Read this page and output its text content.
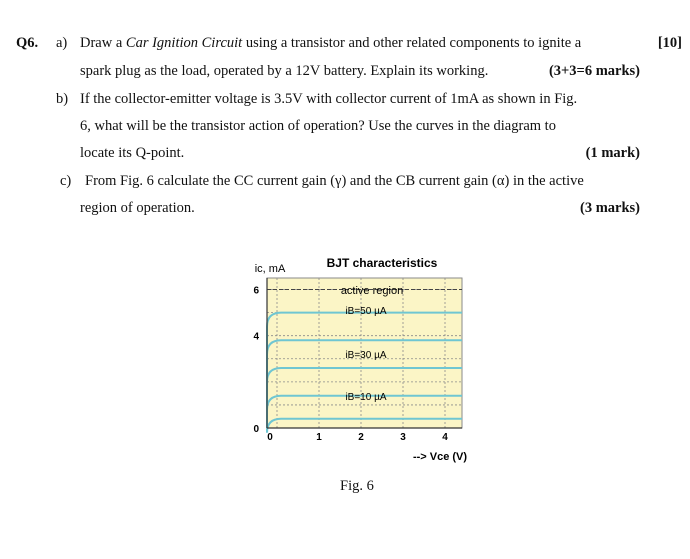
Q6. a) Draw a Car Ignition Circuit using a transistor and other related components to ignite a	[10]
spark plug as the load, operated by a 12V battery. Explain its working.	(3+3=6 marks)
b) If the collector-emitter voltage is 3.5V with collector current of 1mA as shown in Fig.
6, what will be the transistor action of operation? Use the curves in the diagram to
locate its Q-point.	(1 mark)
c) From Fig. 6 calculate the CC current gain (γ) and the CB current gain (α) in the active
region of operation.	(3 marks)
BJT characteristics
ic, mA
--> Vce (V)
0	1	2	3	4
0
4
6	active region
iB=50 µA
iB=30 µA
iB=10 µA
Fig. 6
